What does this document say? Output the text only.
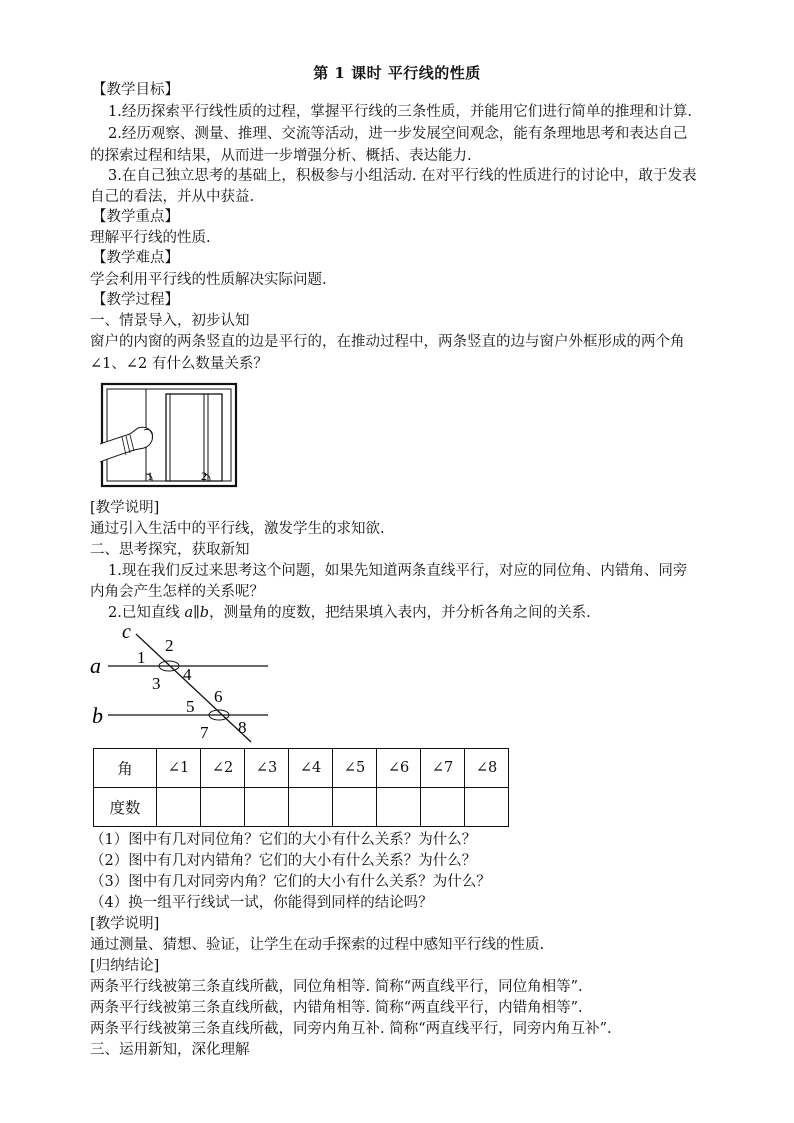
第 1 课时 平行线的性质
【教学目标】
1.经历探索平行线性质的过程，掌握平行线的三条性质，并能用它们进行简单的推理和计算.
2.经历观察、测量、推理、交流等活动，进一步发展空间观念，能有条理地思考和表达自己
的探索过程和结果，从而进一步增强分析、概括、表达能力.
3.在自己独立思考的基础上，积极参与小组活动. 在对平行线的性质进行的讨论中，敢于发表
自己的看法，并从中获益.
【教学重点】
理解平行线的性质.
【教学难点】
学会利用平行线的性质解决实际问题.
【教学过程】
一、情景导入，初步认知
窗户的内窗的两条竖直的边是平行的，在推动过程中，两条竖直的边与窗户外框形成的两个角
∠1、∠2 有什么数量关系？
1	2
[教学说明]
通过引入生活中的平行线，激发学生的求知欲.
二、思考探究，获取新知
1.现在我们反过来思考这个问题，如果先知道两条直线平行，对应的同位角、内错角、同旁
内角会产生怎样的关系呢？
2.已知直线 a∥b，测量角的度数，把结果填入表内，并分析各角之间的关系.
c
a
b
1
2
3 4
5
6
7 8
角	∠1	∠2	∠3	∠4	∠5	∠6	∠7	∠8
度数								
（1）图中有几对同位角？它们的大小有什么关系？为什么？
（2）图中有几对内错角？它们的大小有什么关系？为什么？
（3）图中有几对同旁内角？它们的大小有什么关系？为什么？
（4）换一组平行线试一试，你能得到同样的结论吗？
[教学说明]
通过测量、猜想、验证，让学生在动手探索的过程中感知平行线的性质.
[归纳结论]
两条平行线被第三条直线所截，同位角相等. 简称“两直线平行，同位角相等”.
两条平行线被第三条直线所截，内错角相等. 简称“两直线平行，内错角相等”.
两条平行线被第三条直线所截，同旁内角互补. 简称“两直线平行，同旁内角互补”.
三、运用新知，深化理解
